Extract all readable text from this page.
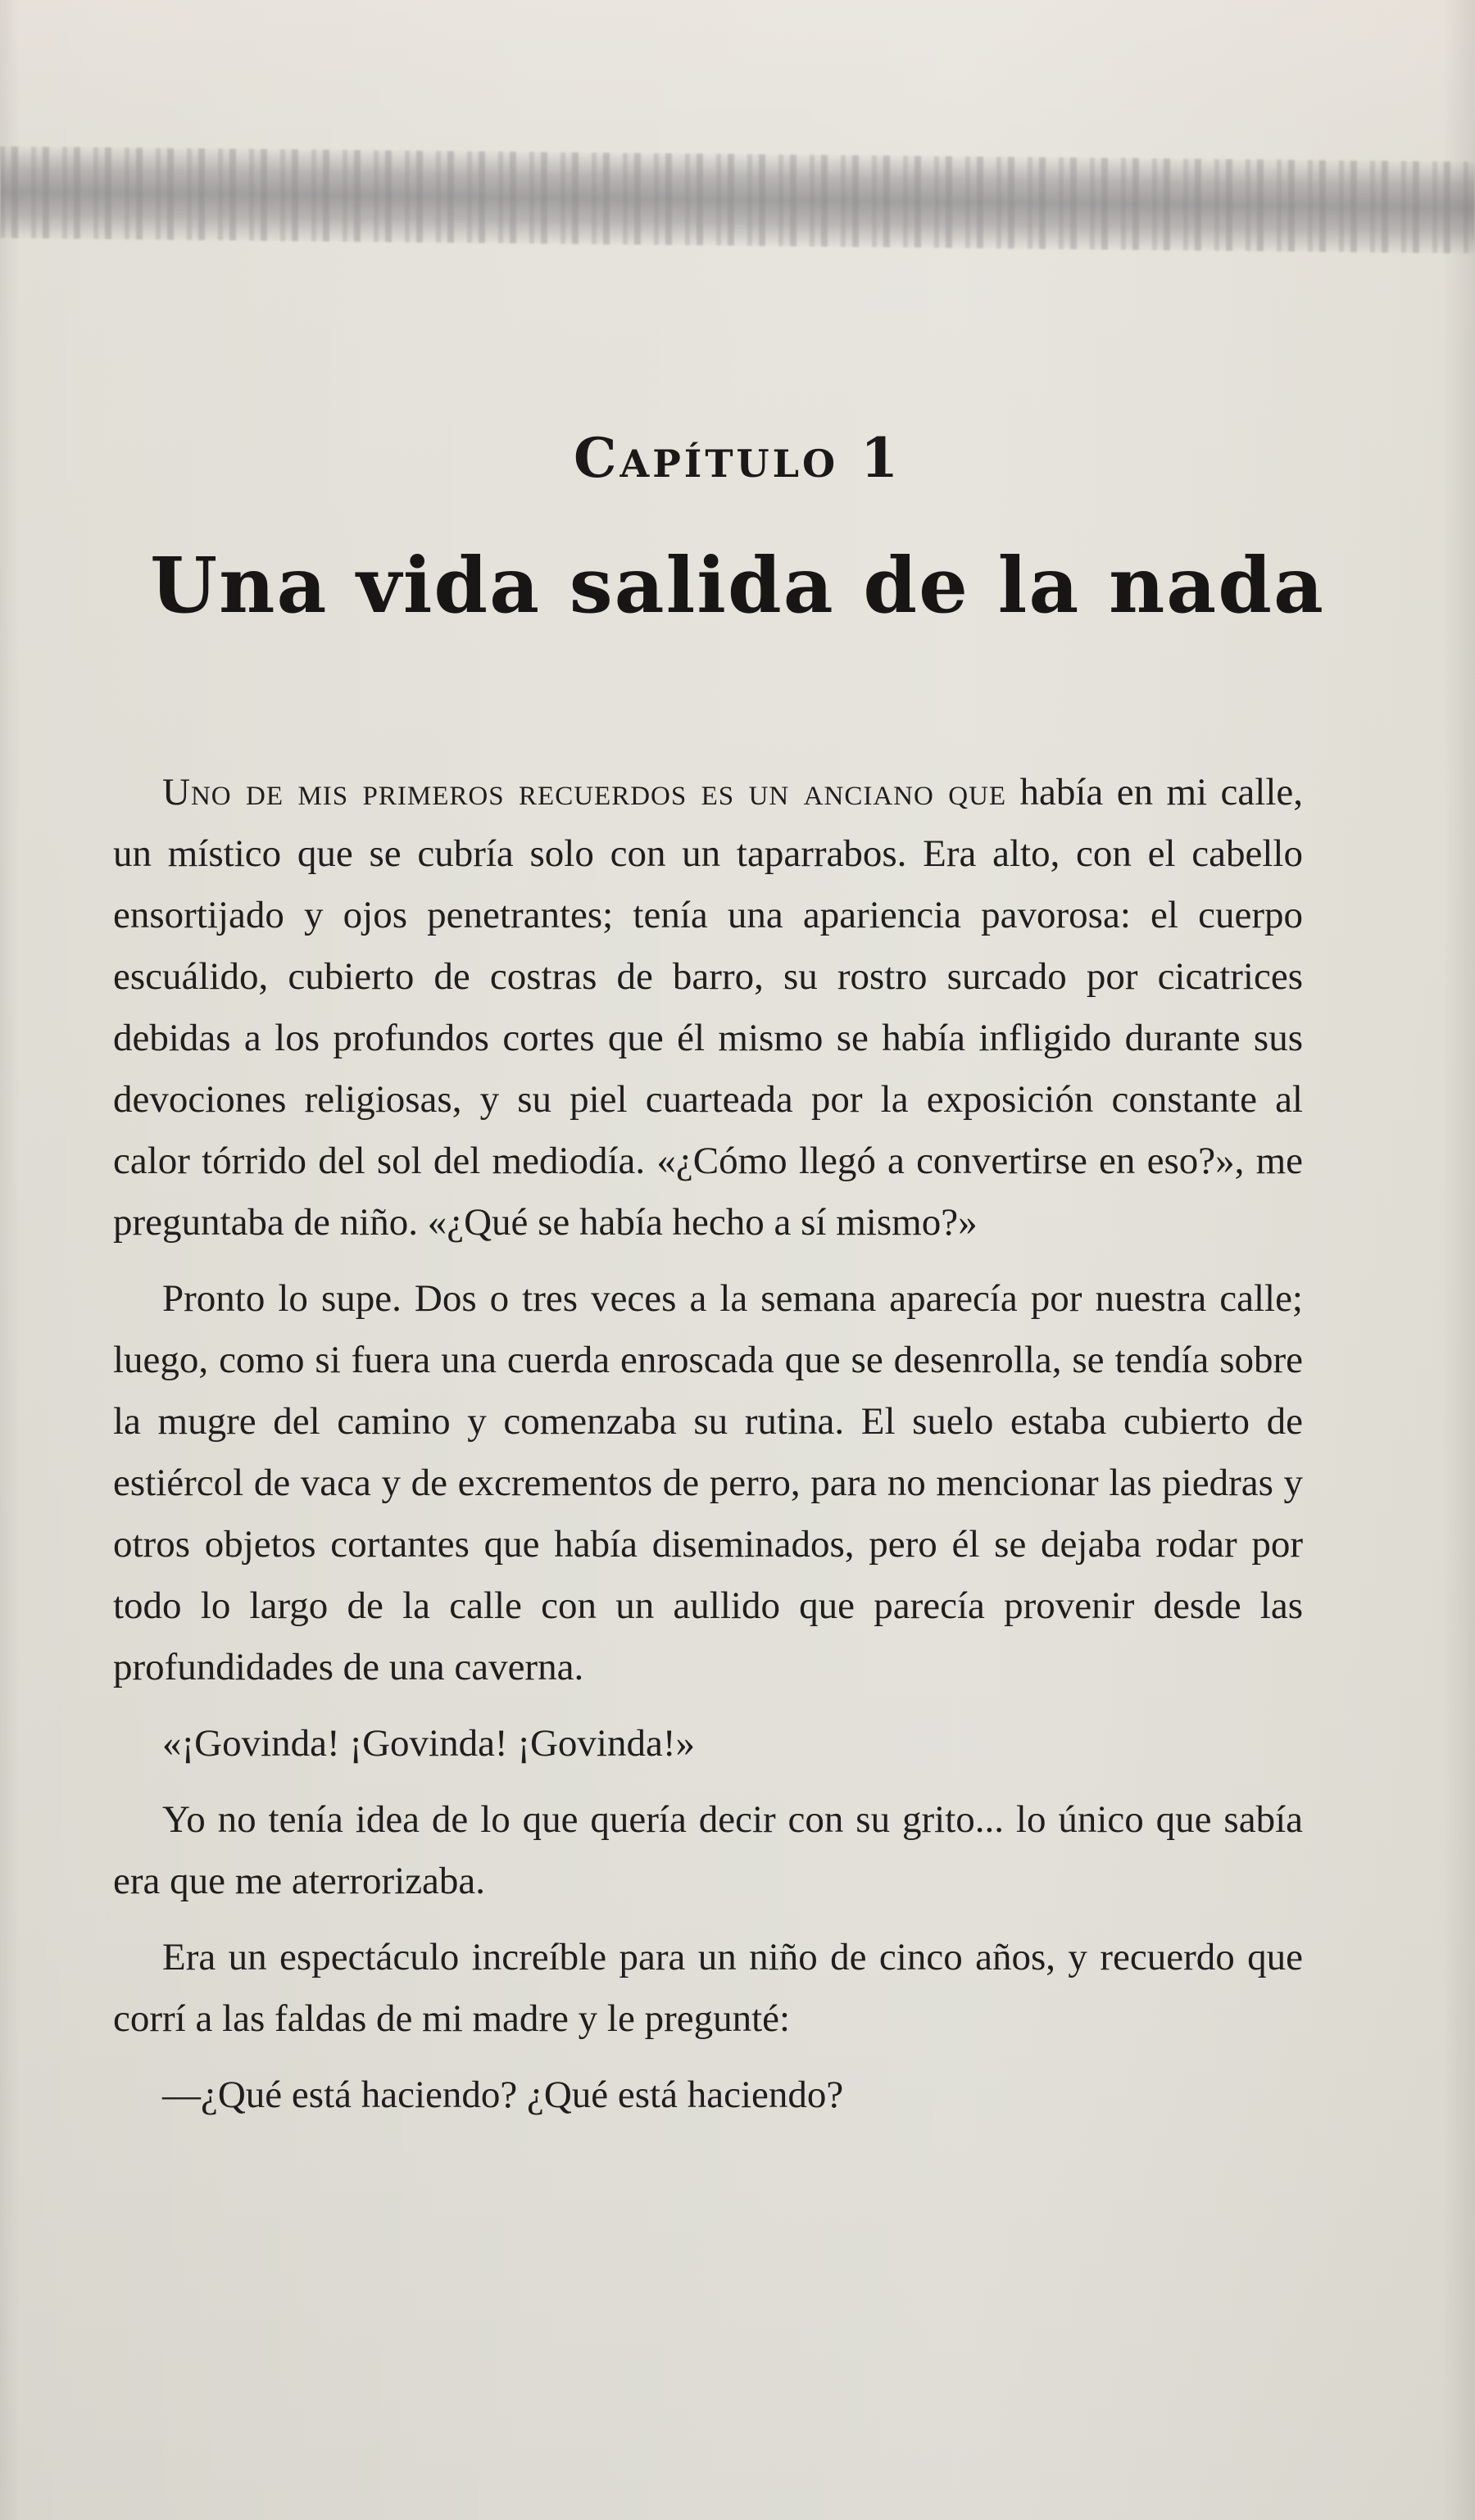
Capítulo 1
Una vida salida de la nada

Uno de mis primeros recuerdos es un anciano que había en mi calle, un místico que se cubría solo con un taparrabos. Era alto, con el cabello ensortijado y ojos penetrantes; tenía una apariencia pavorosa: el cuerpo escuálido, cubierto de costras de barro, su rostro surcado por cicatrices debidas a los profundos cortes que él mismo se había infligido durante sus devociones religiosas, y su piel cuarteada por la exposición constante al calor tórrido del sol del mediodía. «¿Cómo llegó a convertirse en eso?», me preguntaba de niño. «¿Qué se había hecho a sí mismo?»

Pronto lo supe. Dos o tres veces a la semana aparecía por nuestra calle; luego, como si fuera una cuerda enroscada que se desenrolla, se tendía sobre la mugre del camino y comenzaba su rutina. El suelo estaba cubierto de estiércol de vaca y de excrementos de perro, para no mencionar las piedras y otros objetos cortantes que había diseminados, pero él se dejaba rodar por todo lo largo de la calle con un aullido que parecía provenir desde las profundidades de una caverna.

«¡Govinda! ¡Govinda! ¡Govinda!»

Yo no tenía idea de lo que quería decir con su grito... lo único que sabía era que me aterrorizaba.

Era un espectáculo increíble para un niño de cinco años, y recuerdo que corrí a las faldas de mi madre y le pregunté:

—¿Qué está haciendo? ¿Qué está haciendo?
